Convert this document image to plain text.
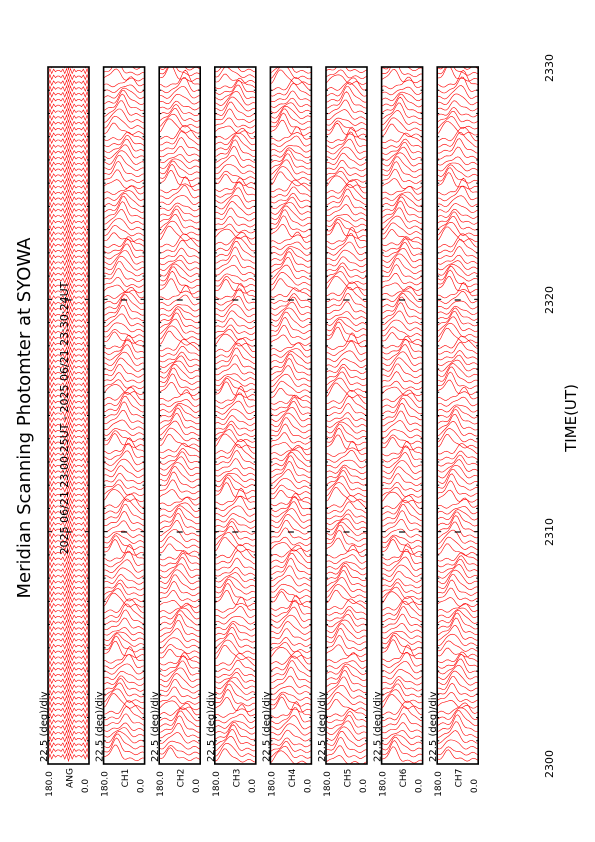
180.0	0.0
ANG
22.5 (deg)/div
180.0	0.0
CH1
22.5 (deg)/div
180.0	0.0
CH2
22.5 (deg)/div
180.0	0.0
CH3
22.5 (deg)/div
180.0	0.0
CH4
22.5 (deg)/div
180.0	0.0
CH5
22.5 (deg)/div
180.0	0.0
CH6
22.5 (deg)/div
180.0	0.0
CH7
22.5 (deg)/div
Meridian Scanning Photomter at SYOWA 2025 06/21 23:00:25UT - 2025 06/21 23:30:24UT	TIME(UT)
2300
2310
2320
2330
